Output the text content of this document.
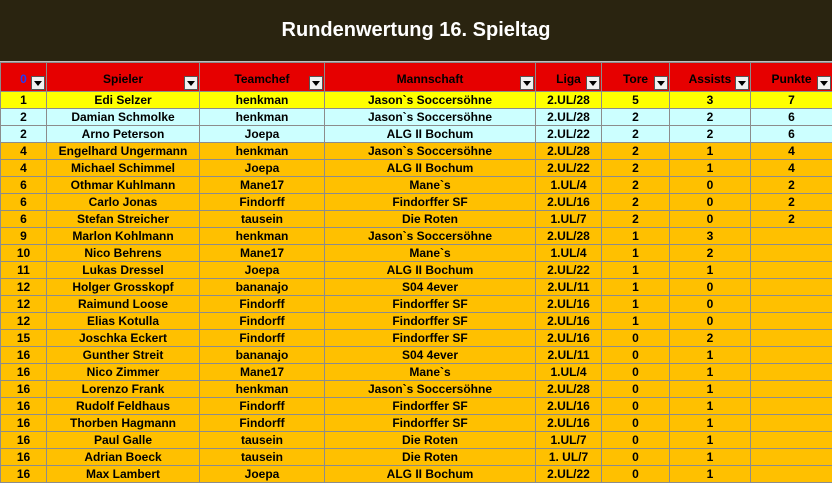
Rundenwertung 16. Spieltag
0	Spieler	Teamchef	Mannschaft	Liga	Tore	Assists	Punkte

1	Edi Selzer	henkman	Jason`s Soccersöhne	2.UL/28	5	3	7
2	Damian Schmolke	henkman	Jason`s Soccersöhne	2.UL/28	2	2	6
2	Arno Peterson	Joepa	ALG II Bochum	2.UL/22	2	2	6
4	Engelhard Ungermann	henkman	Jason`s Soccersöhne	2.UL/28	2	1	4
4	Michael Schimmel	Joepa	ALG II Bochum	2.UL/22	2	1	4
6	Othmar Kuhlmann	Mane17	Mane`s	1.UL/4	2	0	2
6	Carlo Jonas	Findorff	Findorffer SF	2.UL/16	2	0	2
6	Stefan Streicher	tausein	Die Roten	1.UL/7	2	0	2
9	Marlon Kohlmann	henkman	Jason`s Soccersöhne	2.UL/28	1	3	
10	Nico Behrens	Mane17	Mane`s	1.UL/4	1	2	
11	Lukas Dressel	Joepa	ALG II Bochum	2.UL/22	1	1	
12	Holger Grosskopf	bananajo	S04 4ever	2.UL/11	1	0	
12	Raimund Loose	Findorff	Findorffer SF	2.UL/16	1	0	
12	Elias Kotulla	Findorff	Findorffer SF	2.UL/16	1	0	
15	Joschka Eckert	Findorff	Findorffer SF	2.UL/16	0	2	
16	Gunther Streit	bananajo	S04 4ever	2.UL/11	0	1	
16	Nico Zimmer	Mane17	Mane`s	1.UL/4	0	1	
16	Lorenzo Frank	henkman	Jason`s Soccersöhne	2.UL/28	0	1	
16	Rudolf Feldhaus	Findorff	Findorffer SF	2.UL/16	0	1	
16	Thorben Hagmann	Findorff	Findorffer SF	2.UL/16	0	1	
16	Paul Galle	tausein	Die Roten	1.UL/7	0	1	
16	Adrian Boeck	tausein	Die Roten	1. UL/7	0	1	
16	Max Lambert	Joepa	ALG II Bochum	2.UL/22	0	1	
